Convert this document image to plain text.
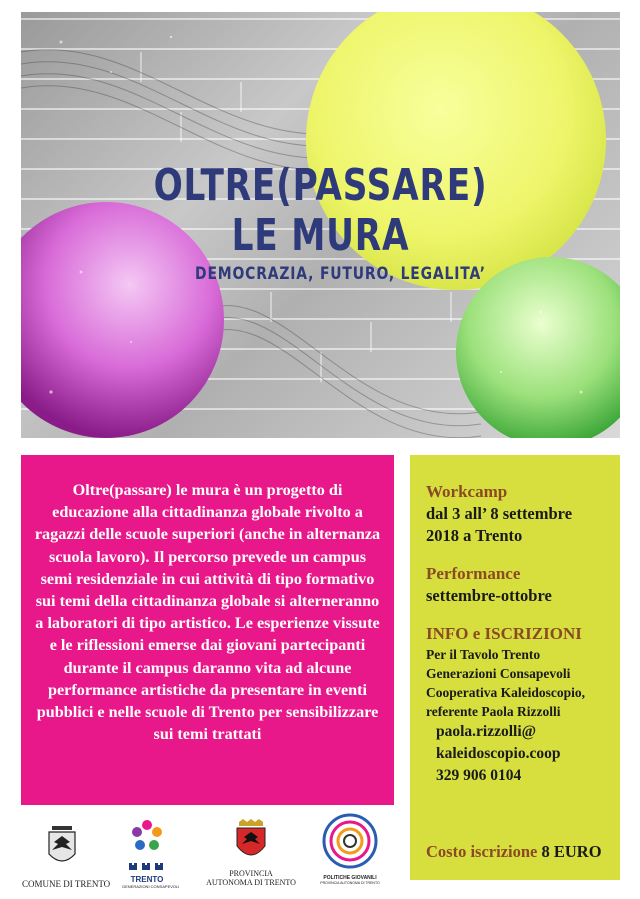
OLTRE(PASSARE)
LE MURA
DEMOCRAZIA, FUTURO, LEGALITA’
Oltre(passare) le mura è un progetto di educazione alla cittadinanza globale rivolto a ragazzi delle scuole superiori (anche in alternanza scuola lavoro). Il percorso prevede un campus semi residenziale in cui attività di tipo formativo sui temi della cittadinanza globale si alterneranno a laboratori di tipo artistico. Le esperienze vissute e le riflessioni emerse dai giovani partecipanti durante il campus daranno vita ad alcune performance artistiche da presentare in eventi pubblici e nelle scuole di Trento per sensibilizzare sui temi trattati
Workcamp
dal 3 all’ 8 settembre
2018 a Trento
Performance
settembre-ottobre
INFO e ISCRIZIONI
Per il Tavolo Trento
Generazioni Consapevoli
Cooperativa Kaleidoscopio,
referente Paola Rizzolli
paola.rizzolli@
kaleidoscopio.coop
329 906 0104
Costo iscrizione 8 EURO
COMUNE DI TRENTO	TRENTO
GENERAZIONI CONSAPEVOLI
PROVINCIA
AUTONOMA DI TRENTO	POLITICHE GIOVANILI
PROVINCIA AUTONOMA DI TRENTO
